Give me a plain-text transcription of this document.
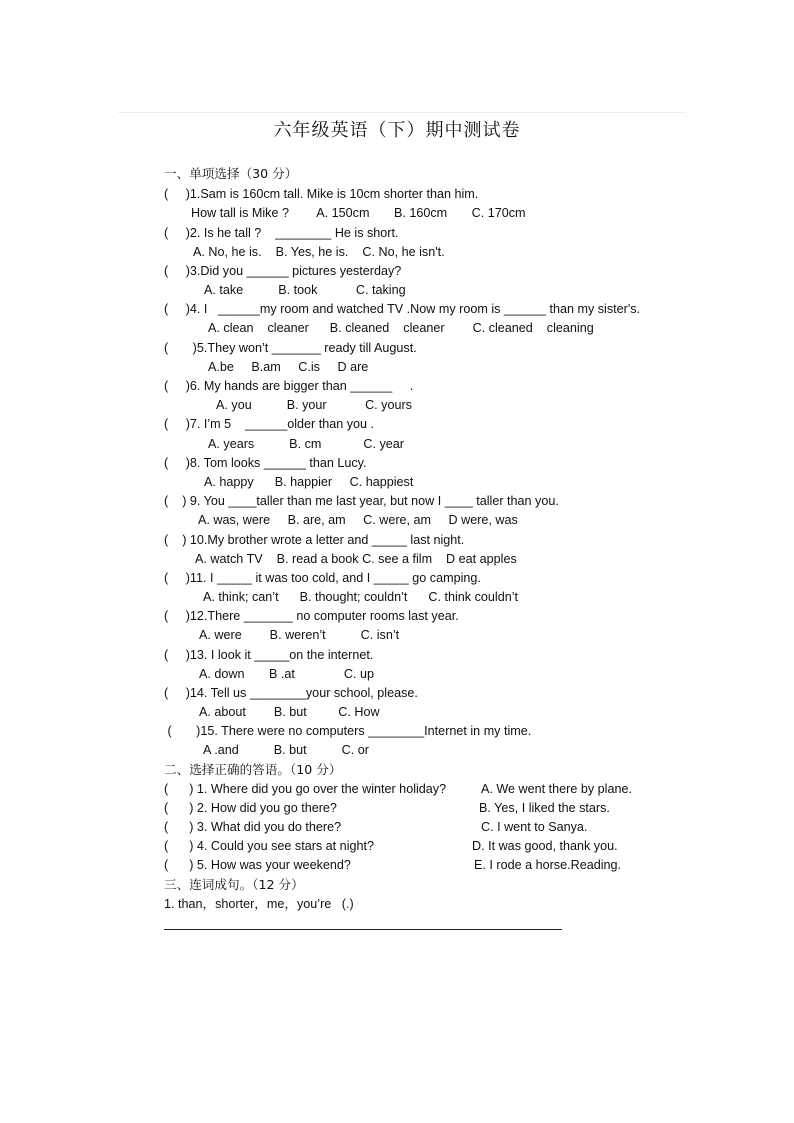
六年级英语（下）期中测试卷
一、单项选择（30 分）
(     )1.Sam is 160cm tall. Mike is 10cm shorter than him.
How tall is Mike ?        A. 150cm       B. 160cm       C. 170cm
(     )2. Is he tall ?    ________ He is short.
A. No, he is.    B. Yes, he is.    C. No, he isn't.
(     )3.Did you ______ pictures yesterday?
A. take          B. took           C. taking
(     )4. I   ______my room and watched TV .Now my room is ______ than my sister's.
A. clean    cleaner      B. cleaned    cleaner        C. cleaned    cleaning
(       )5.They won’t _______ ready till August.
A.be     B.am     C.is     D are
(     )6. My hands are bigger than ______     .
A. you          B. your           C. yours
(     )7. I’m 5    ______older than you .
A. years          B. cm            C. year
(     )8. Tom looks ______ than Lucy.
A. happy      B. happier     C. happiest
(    ) 9. You ____taller than me last year, but now I ____ taller than you.
A. was, were     B. are, am     C. were, am     D were, was
(    ) 10.My brother wrote a letter and _____ last night.
A. watch TV    B. read a book C. see a film    D eat apples
(     )11. I _____ it was too cold, and I _____ go camping.
A. think; can’t      B. thought; couldn’t      C. think couldn’t
(     )12.There _______ no computer rooms last year.
A. were        B. weren’t          C. isn’t
(     )13. I look it _____on the internet.
A. down       B .at              C. up
(     )14. Tell us ________your school, please.
A. about        B. but         C. How
(       )15. There were no computers ________Internet in my time.
A .and          B. but          C. or
二、选择正确的答语。（10 分）
(      ) 1. Where did you go over the winter holiday?	A. We went there by plane.
(      ) 2. How did you go there?	B. Yes, I liked the stars.
(      ) 3. What did you do there?	C. I went to Sanya.
(      ) 4. Could you see stars at night?	D. It was good, thank you.
(      ) 5. How was your weekend?	E. I rode a horse.Reading.
三、连词成句。（12 分）
1. than，shorter，me，you’re   (.)
